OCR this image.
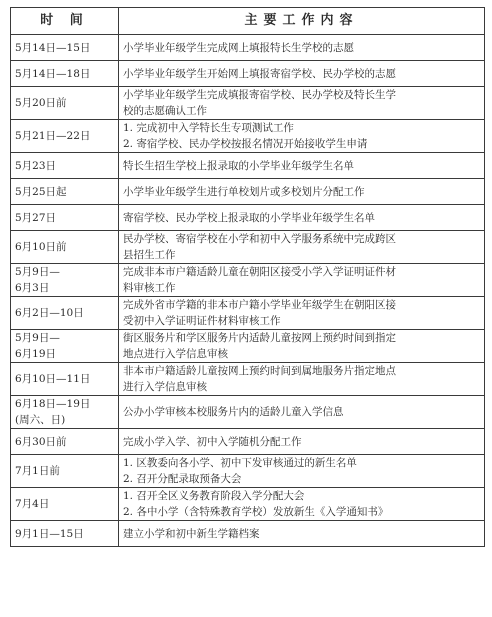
时 间	主要工作内容

5月14日—15日	小学毕业年级学生完成网上填报特长生学校的志愿

5月14日—18日	小学毕业年级学生开始网上填报寄宿学校、民办学校的志愿

5月20日前	小学毕业年级学生完成填报寄宿学校、民办学校及特长生学
校的志愿确认工作

5月21日—22日	1. 完成初中入学特长生专项测试工作
2. 寄宿学校、民办学校按报名情况开始接收学生申请

5月23日	特长生招生学校上报录取的小学毕业年级学生名单

5月25日起	小学毕业年级学生进行单校划片或多校划片分配工作

5月27日	寄宿学校、民办学校上报录取的小学毕业年级学生名单

6月10日前	民办学校、寄宿学校在小学和初中入学服务系统中完成跨区
县招生工作

5月9日—
6月3日	完成非本市户籍适龄儿童在朝阳区接受小学入学证明证件材
料审核工作

6月2日—10日	完成外省市学籍的非本市户籍小学毕业年级学生在朝阳区接
受初中入学证明证件材料审核工作

5月9日—
6月19日	街区服务片和学区服务片内适龄儿童按网上预约时间到指定
地点进行入学信息审核

6月10日—11日	非本市户籍适龄儿童按网上预约时间到属地服务片指定地点
进行入学信息审核

6月18日—19日
(周六、日)	公办小学审核本校服务片内的适龄儿童入学信息

6月30日前	完成小学入学、初中入学随机分配工作

7月1日前	1. 区教委向各小学、初中下发审核通过的新生名单
2. 召开分配录取预备大会

7月4日	1. 召开全区义务教育阶段入学分配大会
2. 各中小学（含特殊教育学校）发放新生《入学通知书》

9月1日—15日	建立小学和初中新生学籍档案
